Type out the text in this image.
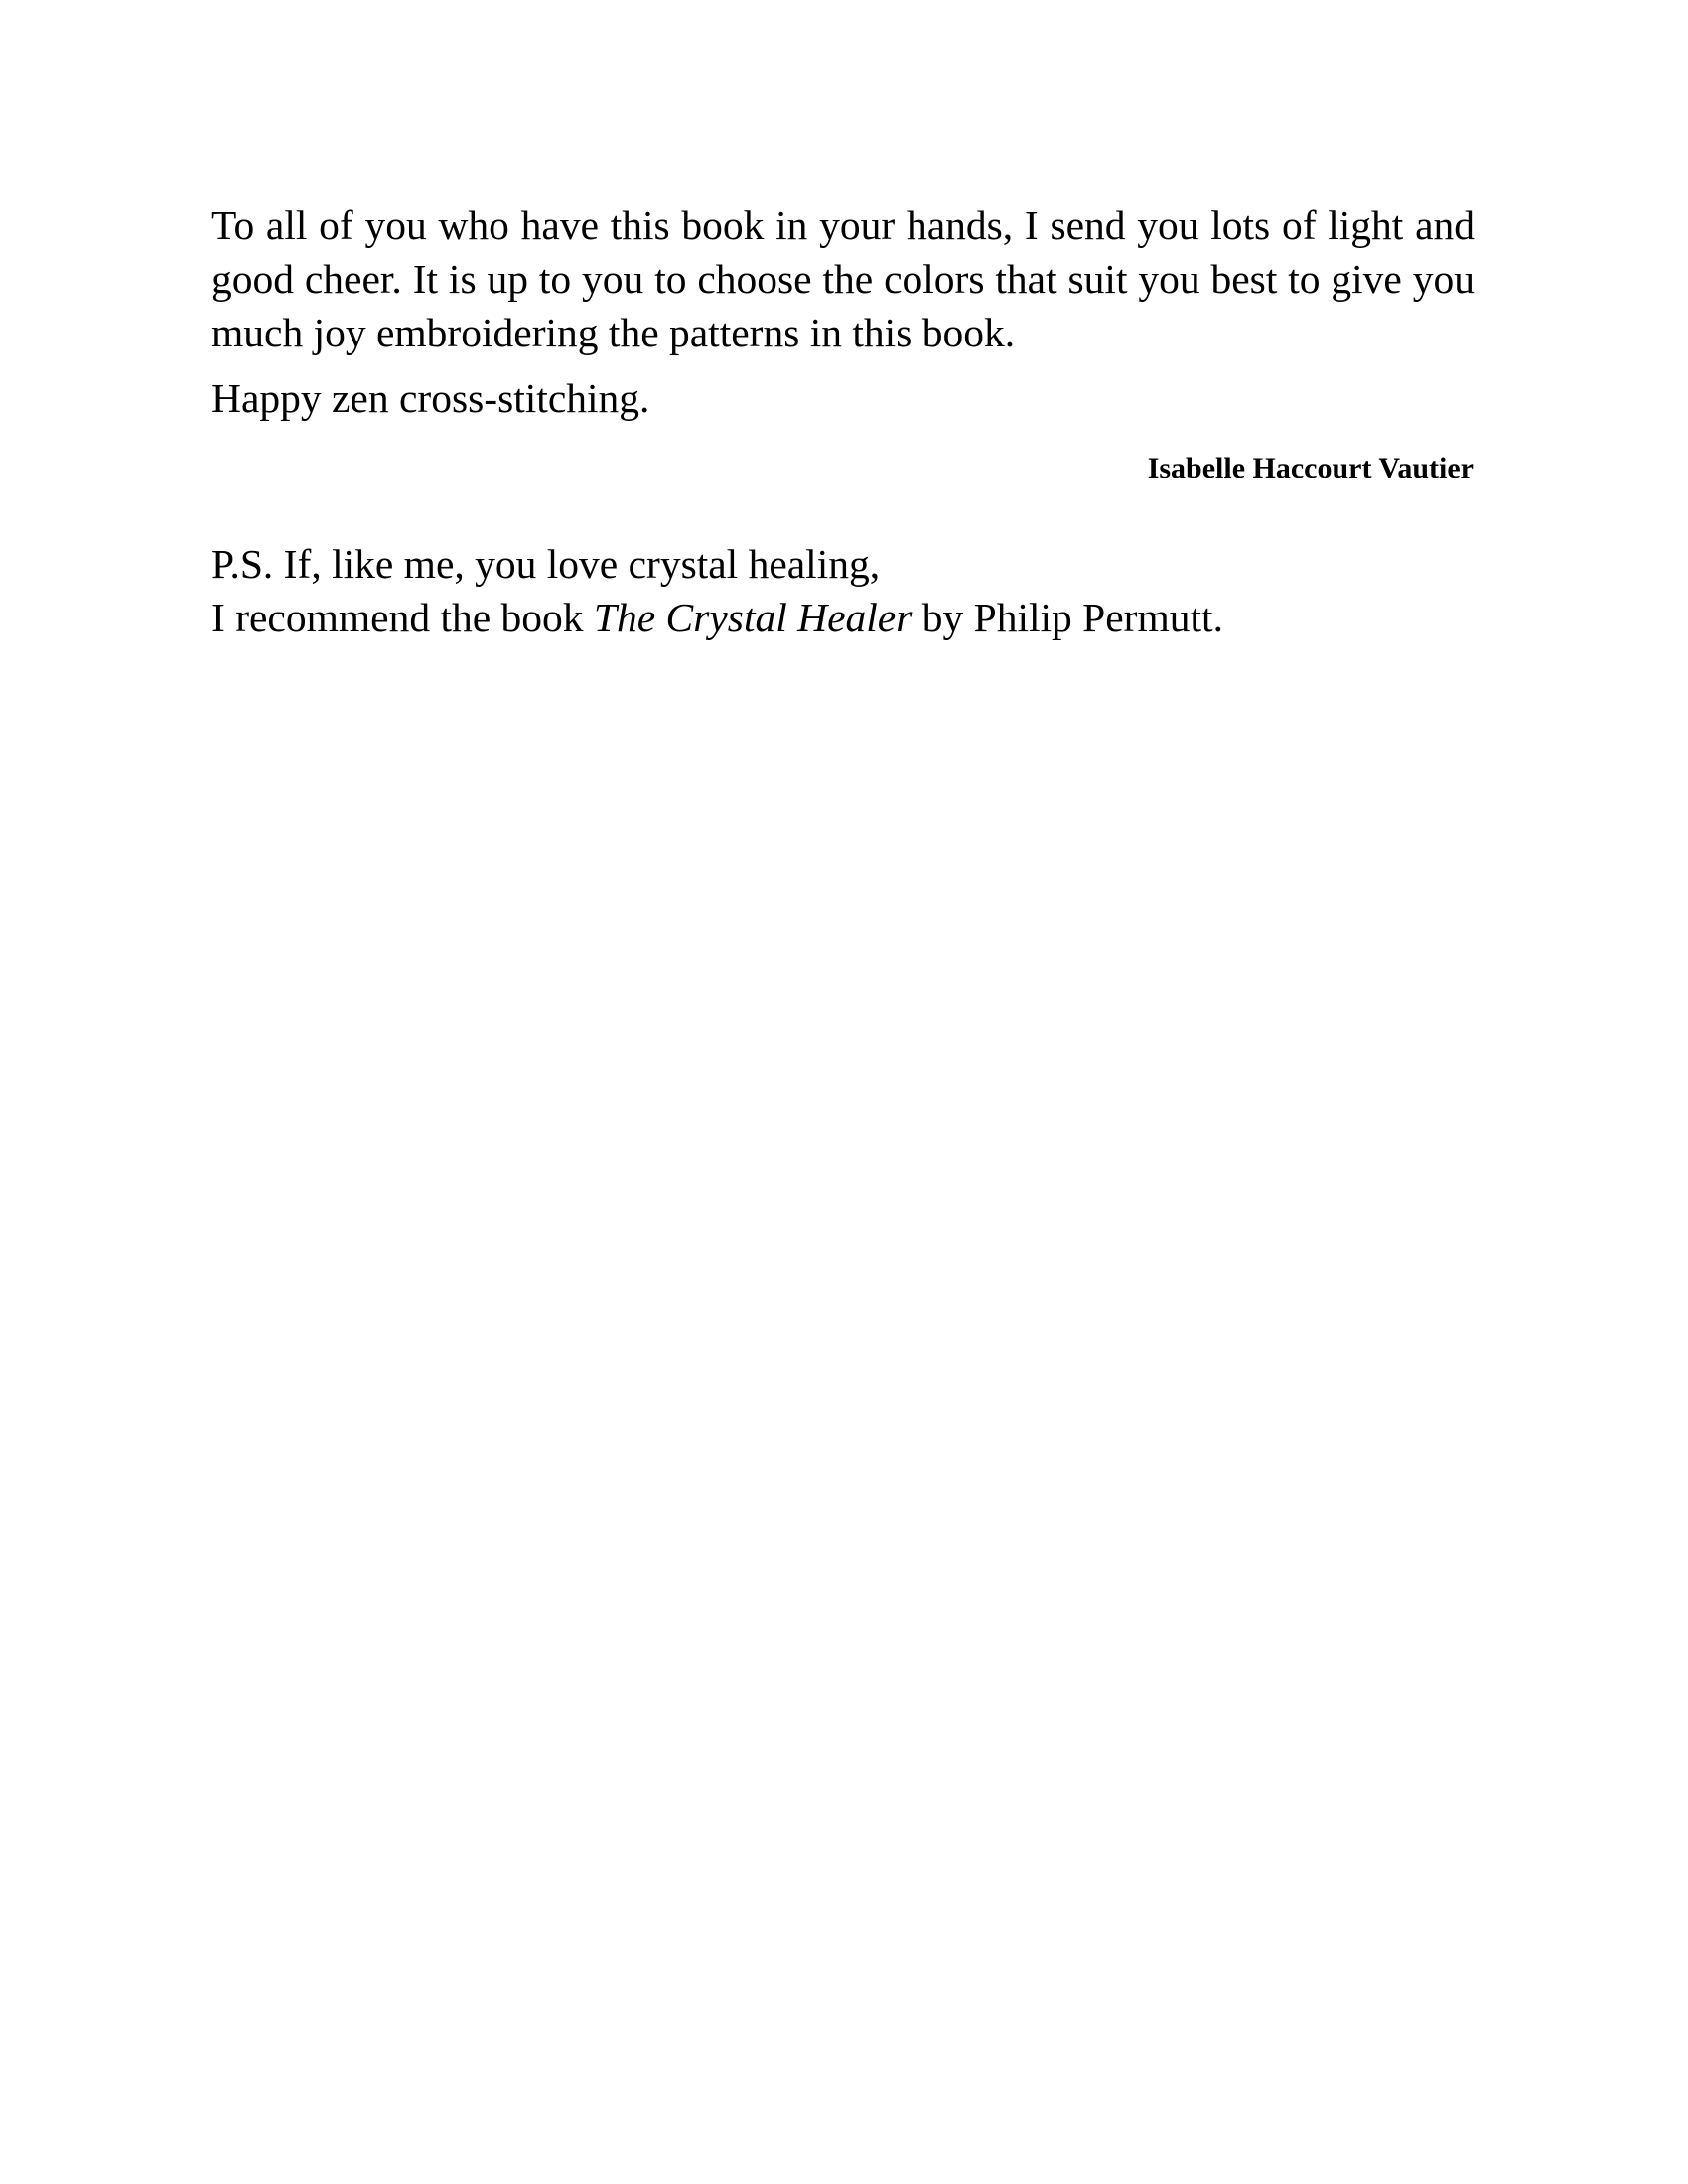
To all of you who have this book in your hands, I send you lots of light and good cheer. It is up to you to choose the colors that suit you best to give you much joy embroidering the patterns in this book.

Happy zen cross-stitching.

Isabelle Haccourt Vautier

P.S. If, like me, you love crystal healing,
I recommend the book The Crystal Healer by Philip Permutt.
